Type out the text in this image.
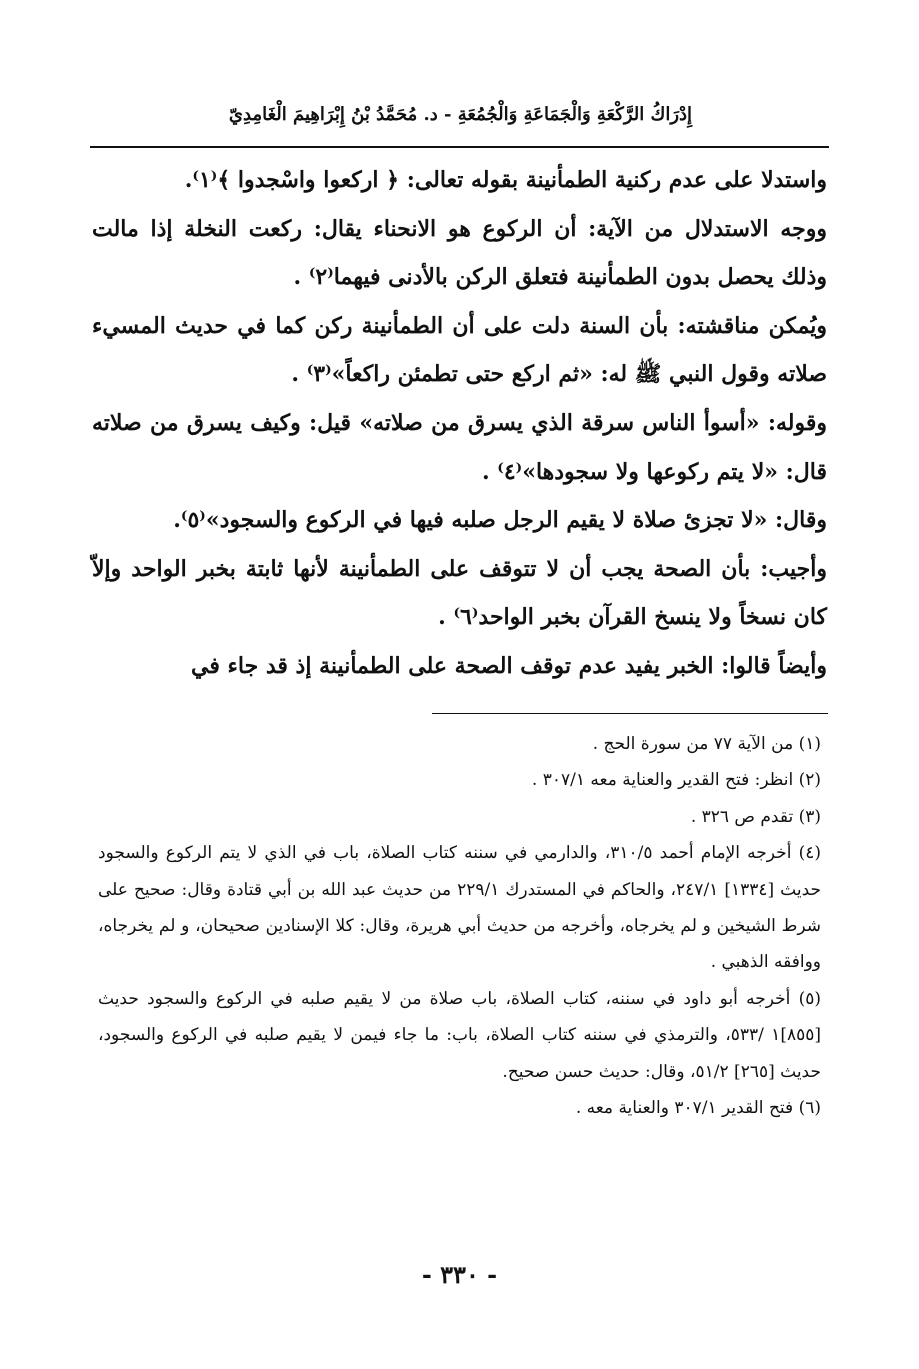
إِدْرَاكُ الرَّكْعَةِ وَالْجَمَاعَةِ وَالْجُمُعَةِ - د. مُحَمَّدُ بْنُ إِبْرَاهِيمَ الْغَامِدِيّ

واستدلا على عدم ركنية الطمأنينة بقوله تعالى: ﴿ اركعوا واسْجدوا ﴾⁽١⁾.

ووجه الاستدلال من الآية: أن الركوع هو الانحناء يقال: ركعت النخلة إذا مالت وذلك يحصل بدون الطمأنينة فتعلق الركن بالأدنى فيهما⁽٢⁾ .

ويُمكن مناقشته: بأن السنة دلت على أن الطمأنينة ركن كما في حديث المسيء صلاته وقول النبي ﷺ له: «ثم اركع حتى تطمئن راكعاً»⁽٣⁾ .

وقوله: «أسوأ الناس سرقة الذي يسرق من صلاته» قيل: وكيف يسرق من صلاته قال: «لا يتم ركوعها ولا سجودها»⁽٤⁾ .

وقال: «لا تجزئ صلاة لا يقيم الرجل صلبه فيها في الركوع والسجود»⁽٥⁾.

وأجيب: بأن الصحة يجب أن لا تتوقف على الطمأنينة لأنها ثابتة بخبر الواحد وإلاّ كان نسخاً ولا ينسخ القرآن بخبر الواحد⁽٦⁾ .

وأيضاً قالوا: الخبر يفيد عدم توقف الصحة على الطمأنينة إذ قد جاء في

(١) من الآية ٧٧ من سورة الحج .

(٢) انظر: فتح القدير والعناية معه ٣٠٧/١ .

(٣) تقدم ص ٣٢٦ .

(٤) أخرجه الإمام أحمد ٣١٠/٥، والدارمي في سننه كتاب الصلاة، باب في الذي لا يتم الركوع والسجود حديث [١٣٣٤] ٢٤٧/١، والحاكم في المستدرك ٢٢٩/١ من حديث عبد الله بن أبي قتادة وقال: صحيح على شرط الشيخين و لم يخرجاه، وأخرجه من حديث أبي هريرة، وقال: كلا الإسنادين صحيحان، و لم يخرجاه، ووافقه الذهبي .

(٥) أخرجه أبو داود في سننه، كتاب الصلاة، باب صلاة من لا يقيم صلبه في الركوع والسجود حديث [٨٥٥]١ /٥٣٣، والترمذي في سننه كتاب الصلاة، باب: ما جاء فيمن لا يقيم صلبه في الركوع والسجود، حديث [٢٦٥] ٥١/٢، وقال: حديث حسن صحيح.

(٦) فتح القدير ٣٠٧/١ والعناية معه .

- ٣٣٠ -
